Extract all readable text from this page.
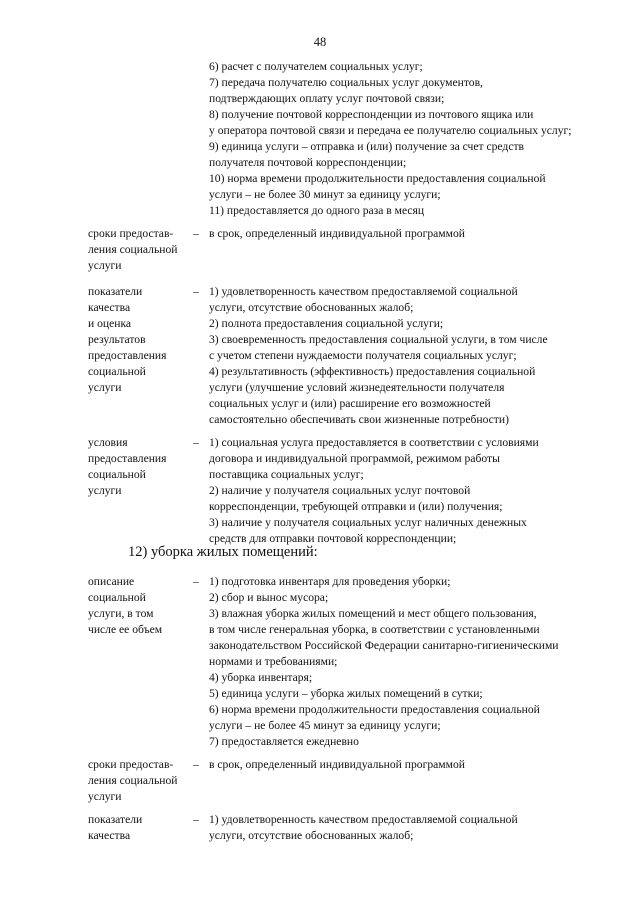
48
6) расчет с получателем социальных услуг;
7) передача получателю социальных услуг документов,
подтверждающих оплату услуг почтовой связи;
8) получение почтовой корреспонденции из почтового ящика или
у оператора почтовой связи и передача ее получателю социальных услуг;
9) единица услуги – отправка и (или) получение за счет средств
получателя почтовой корреспонденции;
10) норма времени продолжительности предоставления социальной
услуги – не более 30 минут за единицу услуги;
11) предоставляется до одного раза в месяц
сроки предостав-
ления социальной
услуги
– в срок, определенный индивидуальной программой
показатели
качества
и оценка
результатов
предоставления
социальной
услуги
– 1) удовлетворенность качеством предоставляемой социальной
услуги, отсутствие обоснованных жалоб;
2) полнота предоставления социальной услуги;
3) своевременность предоставления социальной услуги, в том числе
с учетом степени нуждаемости получателя социальных услуг;
4) результативность (эффективность) предоставления социальной
услуги (улучшение условий жизнедеятельности получателя
социальных услуг и (или) расширение его возможностей
самостоятельно обеспечивать свои жизненные потребности)
условия
предоставления
социальной
услуги
– 1) социальная услуга предоставляется в соответствии с условиями
договора и индивидуальной программой, режимом работы
поставщика социальных услуг;
2) наличие у получателя социальных услуг почтовой
корреспонденции, требующей отправки и (или) получения;
3) наличие у получателя социальных услуг наличных денежных
средств для отправки почтовой корреспонденции;
12) уборка жилых помещений:
описание
социальной
услуги, в том
числе ее объем
– 1) подготовка инвентаря для проведения уборки;
2) сбор и вынос мусора;
3) влажная уборка жилых помещений и мест общего пользования,
в том числе генеральная уборка, в соответствии с установленными
законодательством Российской Федерации санитарно-гигиеническими
нормами и требованиями;
4) уборка инвентаря;
5) единица услуги – уборка жилых помещений в сутки;
6) норма времени продолжительности предоставления социальной
услуги – не более 45 минут за единицу услуги;
7) предоставляется ежедневно
сроки предостав-
ления социальной
услуги
– в срок, определенный индивидуальной программой
показатели
качества
– 1) удовлетворенность качеством предоставляемой социальной
услуги, отсутствие обоснованных жалоб;
